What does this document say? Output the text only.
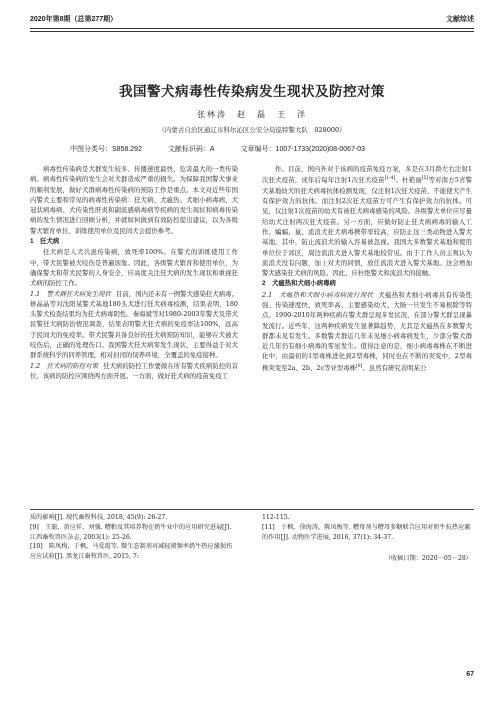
2020年第8期（总第277期）	文献综述
我国警犬病毒性传染病发生现状及防控对策
张林涛　赵　磊　王　洋
（内蒙古自治区通辽市科尔沁区公安分局巡特警大队　028000）
中图分类号：S858.292	文献标识码：A	文章编号：1007-1733(2020)08-0067-03

病毒性传染病是犬群发生较多、传播速度最快、危害最大的一类传染病。病毒性传染病的发生会对犬群造成严重的损失。为保障我国警犬事业的顺利发展，做好犬群病毒性传染病的预防工作是重点。本文对近些年国内警犬主要和常见的病毒性传染病：狂犬病、犬瘟热、犬细小病毒病、犬冠状病毒病、犬传染性肝炎和副流感病毒病等疾病的发生现状和病毒传染病的发生情况进行回顾分析，并就如何做到有效防控提出建议，以为各级警犬繁育单位、训练使用单位及民间犬会提供参考。

1　狂犬病

狂犬病是人犬共患传染病，致死率100%。在警犬的训练使用工作中，带犬民警被犬咬伤是普遍现象。因此，各级警犬繁育和使用单位，为确保警犬和带犬民警的人身安全，应高度关注狂犬病的发生现状和重视狂犬病的防控工作。

1.1　警犬群狂犬病发生现状 目前，国内还未有一例警犬感染狂犬病毒。修晶晶等对沈阳某警犬基地180头犬进行狂犬病毒检测，结果表明，180头警犬检查结果均为狂犬病毒阴性。秦海斌等对1980-2003年警犬及带犬民警狂犬病防治情况调查，结果表明警犬狂犬病的免疫率达100%，远高于民间犬的免疫率。带犬民警具备良好的狂犬病预防知识，能够在犬被犬咬伤后，正确的处理伤口。我国警犬狂犬病零发生现状，主要得益于对犬群系统科学的同养管理，相对封闭的饲养环境，全覆盖的免疫接种。

1.2　狂犬病的防控对策 狂犬病的防控工作要做在所有警犬疾病防控的首位。该病的防控应围绕两方面开展。一方面，做好狂犬病的疫苗免疫工

作。目前，国内外对于该病的疫苗免疫方案，多是在3月龄左右注射1次狂犬疫苗，成年后每年注射1次狂犬疫苗[1-4]。杜艳丽[5]等对南方5省警犬基地幼犬的狂犬病毒抗体检测发现，仅注射1次狂犬疫苗，不能使犬产生有保护效力的抗体。而注射2次狂犬疫苗方可产生有保护效力的抗体。可见，仅注射1次疫苗的幼犬有被狂犬病毒感染的风险。各级警犬单位应尽量给幼犬注射两次狂犬疫苗。另一方面，应做好防止狂犬病病毒的输入工作。蝙蝠、鼠、流浪犬狂犬病毒携带率较高，应防止这三类动物进入警犬基地。其中，防止流浪犬的输入容易被忽视。我国大多数警犬基地和使用单位位于郊区，周边流浪犬进入警犬基地较常见。由于工作人员主观认为流浪犬没有问题，加上对犬的同情，放任流浪犬进入警犬基地。这会增加警犬感染狂犬病的风险。因此，应杜绝警犬和流浪犬的接触。

2　犬瘟热和犬细小病毒病

2.1　犬瘟热和犬细小病毒病流行现状 犬瘟热和犬细小病毒具有传染性强、传染速度快、致死率高、主要感染幼犬、大肠一旦发生不易根除等特点。1990-2010年两种疾病在警犬群呈现多发状况，在部分警犬群呈现暴发流行。近些年，这两种疾病发生显著降趋势，尤其是犬瘟热在多数警犬群都未见有发生。多数警犬群近几年未见细小病毒病发生，少部分警犬群近几年仍有细小病毒的零星发生。值得注意的是，细小病毒毒株在不断进化中，由最初的1型毒株进化到2型毒株，同时也在不断的突变中，2型毒株突变至2a、2b、2c等亚型毒株[6]。虽然有研究表明某公

质的影响[J]. 现代畜牧科技, 2018, 45(9): 26-27.

[9]　王聪，黄应祥，刘强. 糟粕及其培养物在奶牛业中的应用研究进展[J]. 江西畜牧兽医杂志, 2003(1): 25-26.

[10]　陈凤梅，于枫，马爱霞等. 微生态制剂对减轻猪频率奶牛热应激损伤应应试验[J]. 黑龙江畜牧兽医, 2015, 7:

112-115.

[11]　于枫，徐海涛，陈凤梅等. 糟母剂与糟母多糖联合应用对奶牛抗热应激的作用[J]. 动物医学进展, 2016, 37(1): 34-37.

（收稿日期：2020－05－28）

67
